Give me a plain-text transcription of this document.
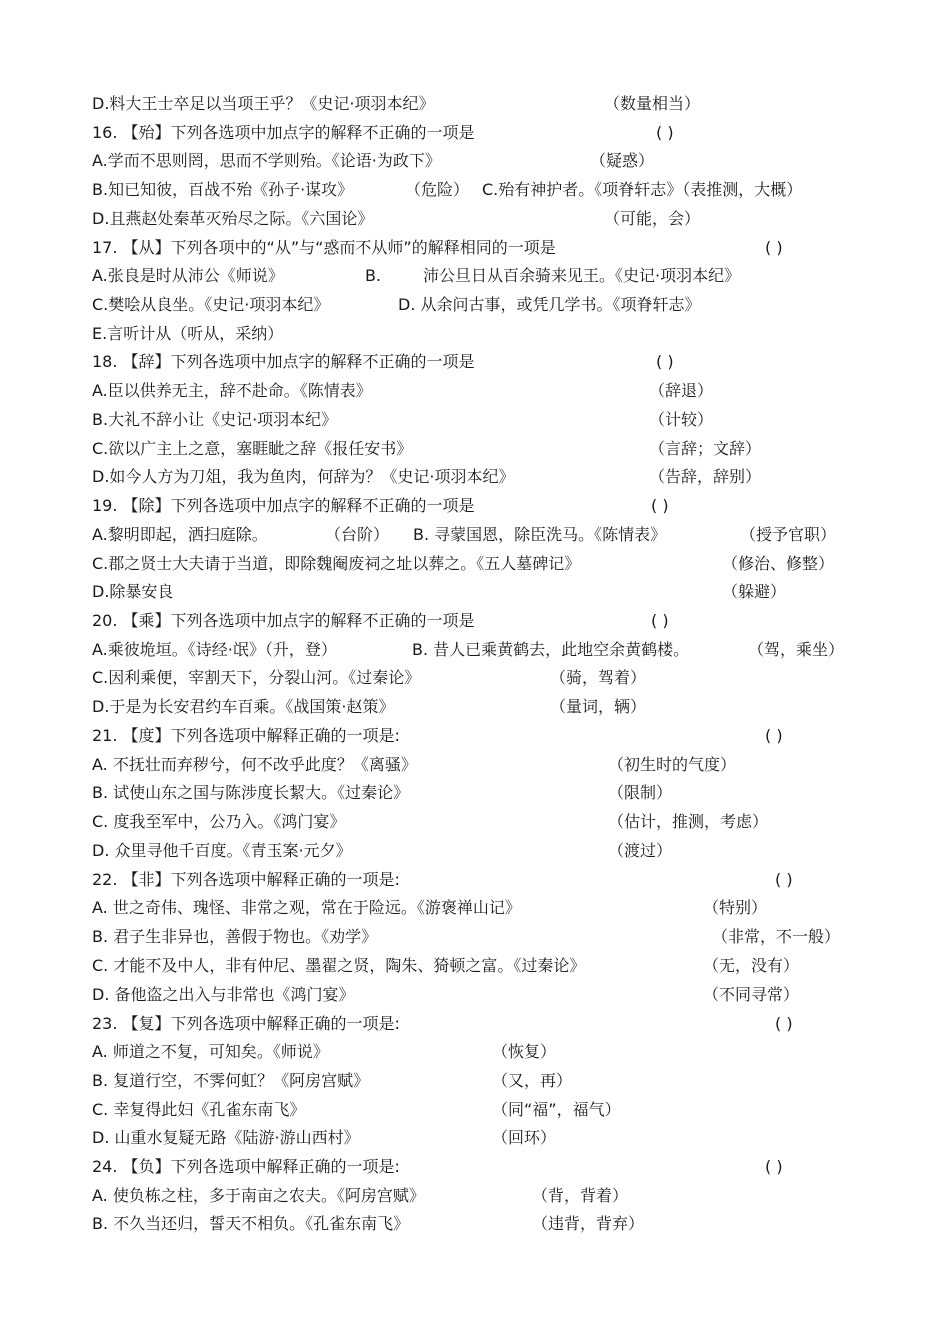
D.料大王士卒足以当项王乎？《史记·项羽本纪》	（数量相当）
16. 【殆】下列各选项中加点字的解释不正确的一项是	( )
A.学而不思则罔，思而不学则殆。《论语·为政下》	（疑惑）
B.知已知彼，百战不殆《孙子·谋攻》	（危险） C.殆有神护者。《项脊轩志》（表推测，大概）
D.且燕赵处秦革灭殆尽之际。《六国论》	（可能，会）
17. 【从】下列各项中的“从”与“惑而不从师”的解释相同的一项是	( )
A.张良是时从沛公《师说》	B.	沛公旦日从百余骑来见王。《史记·项羽本纪》
C.樊哙从良坐。《史记·项羽本纪》	D. 从余问古事，或凭几学书。《项脊轩志》
E.言听计从（听从，采纳）
18. 【辞】下列各选项中加点字的解释不正确的一项是	( )
A.臣以供养无主，辞不赴命。《陈情表》	（辞退）
B.大礼不辞小让《史记·项羽本纪》	（计较）
C.欲以广主上之意，塞睚眦之辞《报任安书》	（言辞；文辞）
D.如今人方为刀俎，我为鱼肉，何辞为？《史记·项羽本纪》	（告辞，辞别）
19. 【除】下列各选项中加点字的解释不正确的一项是	( )
A.黎明即起，洒扫庭除。	（台阶） B. 寻蒙国恩，除臣洗马。《陈情表》	（授予官职）
C.郡之贤士大夫请于当道，即除魏阉废祠之址以葬之。《五人墓碑记》	（修治、修整）
D.除暴安良	（躲避）
20. 【乘】下列各选项中加点字的解释不正确的一项是	( )
A.乘彼垝垣。《诗经·氓》（升，登）	B. 昔人已乘黄鹤去，此地空余黄鹤楼。	（驾，乘坐）
C.因利乘便，宰割天下，分裂山河。《过秦论》	（骑，驾着）
D.于是为长安君约车百乘。《战国策·赵策》	（量词，辆）
21. 【度】下列各选项中解释正确的一项是:	( )
A. 不抚壮而弃秽兮，何不改乎此度？《离骚》	（初生时的气度）
B. 试使山东之国与陈涉度长絜大。《过秦论》	（限制）
C. 度我至军中，公乃入。《鸿门宴》	（估计，推测，考虑）
D. 众里寻他千百度。《青玉案·元夕》	（渡过）
22. 【非】下列各选项中解释正确的一项是:	( )
A. 世之奇伟、瑰怪、非常之观，常在于险远。《游褒禅山记》	（特别）
B. 君子生非异也，善假于物也。《劝学》	（非常，不一般）
C. 才能不及中人，非有仲尼、墨翟之贤，陶朱、猗顿之富。《过秦论》	（无，没有）
D. 备他盗之出入与非常也《鸿门宴》	（不同寻常）
23. 【复】下列各选项中解释正确的一项是:	( )
A. 师道之不复，可知矣。《师说》	（恢复）
B. 复道行空，不霁何虹？《阿房宫赋》	（又，再）
C. 幸复得此妇《孔雀东南飞》	（同“福”，福气）
D. 山重水复疑无路《陆游·游山西村》	（回环）
24. 【负】下列各选项中解释正确的一项是:	( )
A. 使负栋之柱，多于南亩之农夫。《阿房宫赋》	（背，背着）
B. 不久当还归，誓天不相负。《孔雀东南飞》	（违背，背弃）
